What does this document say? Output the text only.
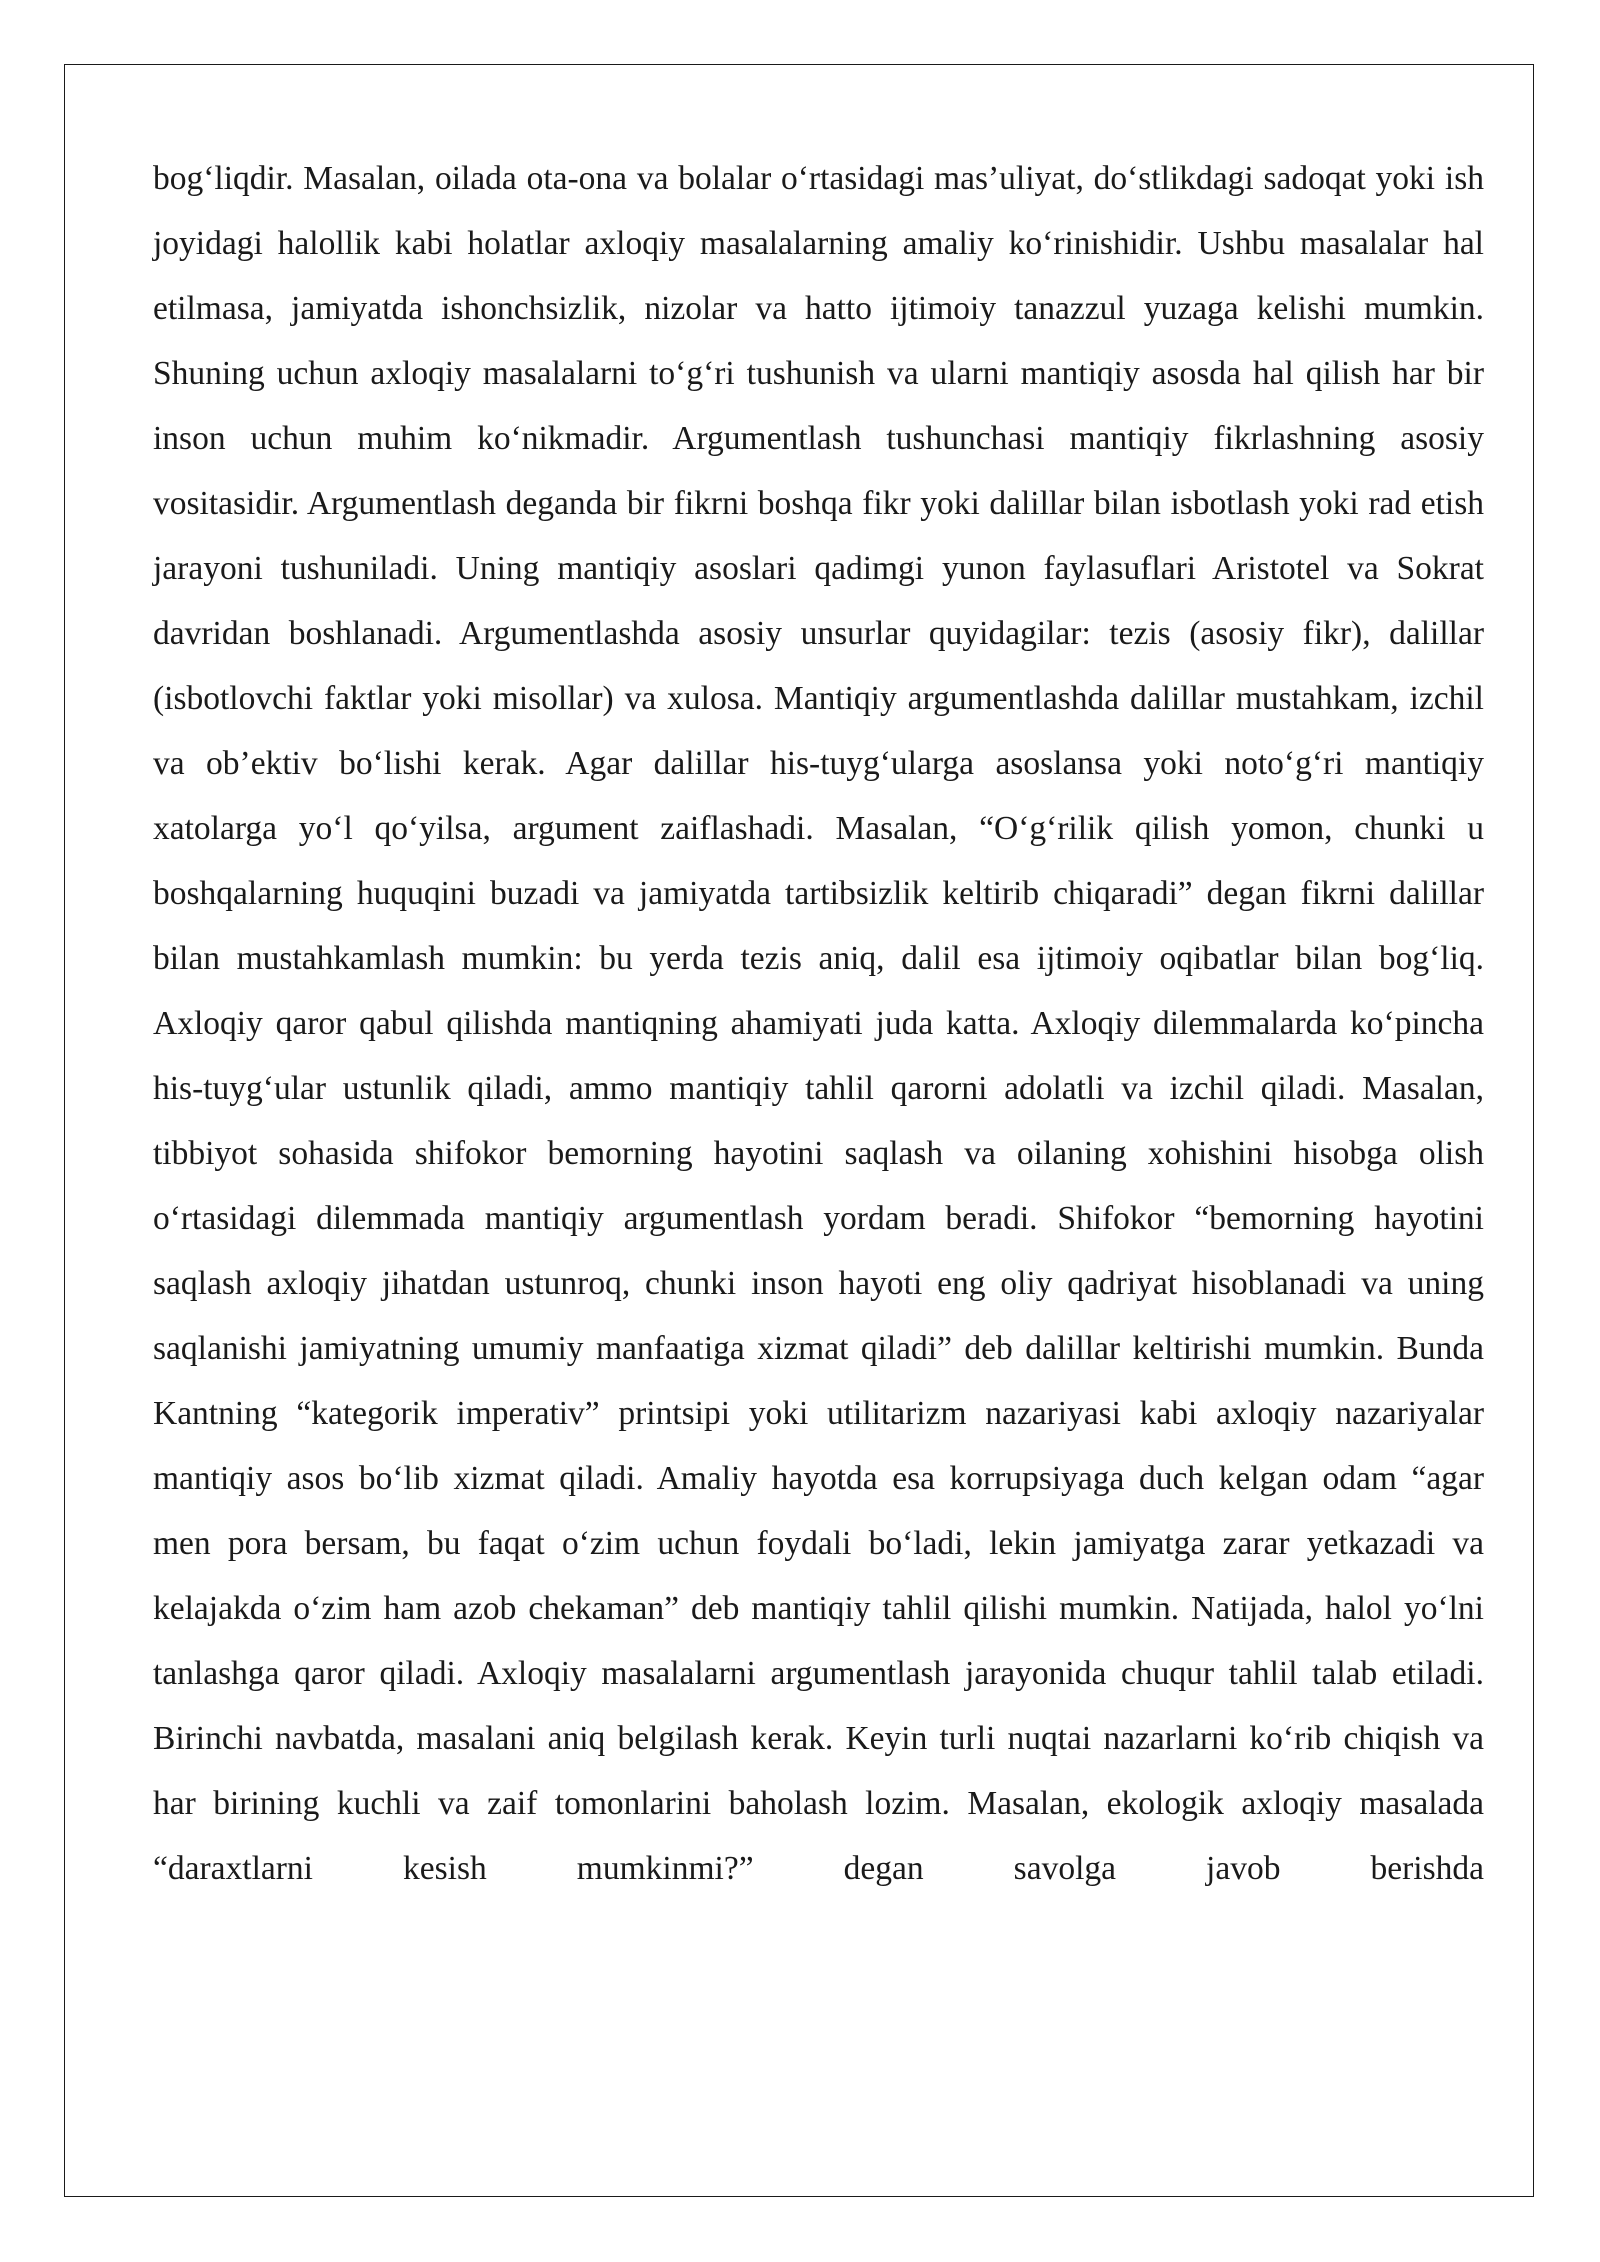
bog‘liqdir. Masalan, oilada ota-ona va bolalar o‘rtasidagi mas’uliyat, do‘stlikdagi sadoqat yoki ish joyidagi halollik kabi holatlar axloqiy masalalarning amaliy ko‘rinishidir. Ushbu masalalar hal etilmasa, jamiyatda ishonchsizlik, nizolar va hatto ijtimoiy tanazzul yuzaga kelishi mumkin. Shuning uchun axloqiy masalalarni to‘g‘ri tushunish va ularni mantiqiy asosda hal qilish har bir inson uchun muhim ko‘nikmadir. Argumentlash tushunchasi mantiqiy fikrlashning asosiy vositasidir. Argumentlash deganda bir fikrni boshqa fikr yoki dalillar bilan isbotlash yoki rad etish jarayoni tushuniladi. Uning mantiqiy asoslari qadimgi yunon faylasuflari Aristotel va Sokrat davridan boshlanadi. Argumentlashda asosiy unsurlar quyidagilar: tezis (asosiy fikr), dalillar (isbotlovchi faktlar yoki misollar) va xulosa. Mantiqiy argumentlashda dalillar mustahkam, izchil va ob’ektiv bo‘lishi kerak. Agar dalillar his-tuyg‘ularga asoslansa yoki noto‘g‘ri mantiqiy xatolarga yo‘l qo‘yilsa, argument zaiflashadi. Masalan, “O‘g‘rilik qilish yomon, chunki u boshqalarning huquqini buzadi va jamiyatda tartibsizlik keltirib chiqaradi” degan fikrni dalillar bilan mustahkamlash mumkin: bu yerda tezis aniq, dalil esa ijtimoiy oqibatlar bilan bog‘liq. Axloqiy qaror qabul qilishda mantiqning ahamiyati juda katta. Axloqiy dilemmalarda ko‘pincha his-tuyg‘ular ustunlik qiladi, ammo mantiqiy tahlil qarorni adolatli va izchil qiladi. Masalan, tibbiyot sohasida shifokor bemorning hayotini saqlash va oilaning xohishini hisobga olish o‘rtasidagi dilemmada mantiqiy argumentlash yordam beradi. Shifokor “bemorning hayotini saqlash axloqiy jihatdan ustunroq, chunki inson hayoti eng oliy qadriyat hisoblanadi va uning saqlanishi jamiyatning umumiy manfaatiga xizmat qiladi” deb dalillar keltirishi mumkin. Bunda Kantning “kategorik imperativ” printsipi yoki utilitarizm nazariyasi kabi axloqiy nazariyalar mantiqiy asos bo‘lib xizmat qiladi. Amaliy hayotda esa korrupsiyaga duch kelgan odam “agar men pora bersam, bu faqat o‘zim uchun foydali bo‘ladi, lekin jamiyatga zarar yetkazadi va kelajakda o‘zim ham azob chekaman” deb mantiqiy tahlil qilishi mumkin. Natijada, halol yo‘lni tanlashga qaror qiladi. Axloqiy masalalarni argumentlash jarayonida chuqur tahlil talab etiladi. Birinchi navbatda, masalani aniq belgilash kerak. Keyin turli nuqtai nazarlarni ko‘rib chiqish va har birining kuchli va zaif tomonlarini baholash lozim. Masalan, ekologik axloqiy masalada “daraxtlarni kesish mumkinmi?” degan savolga javob berishda
